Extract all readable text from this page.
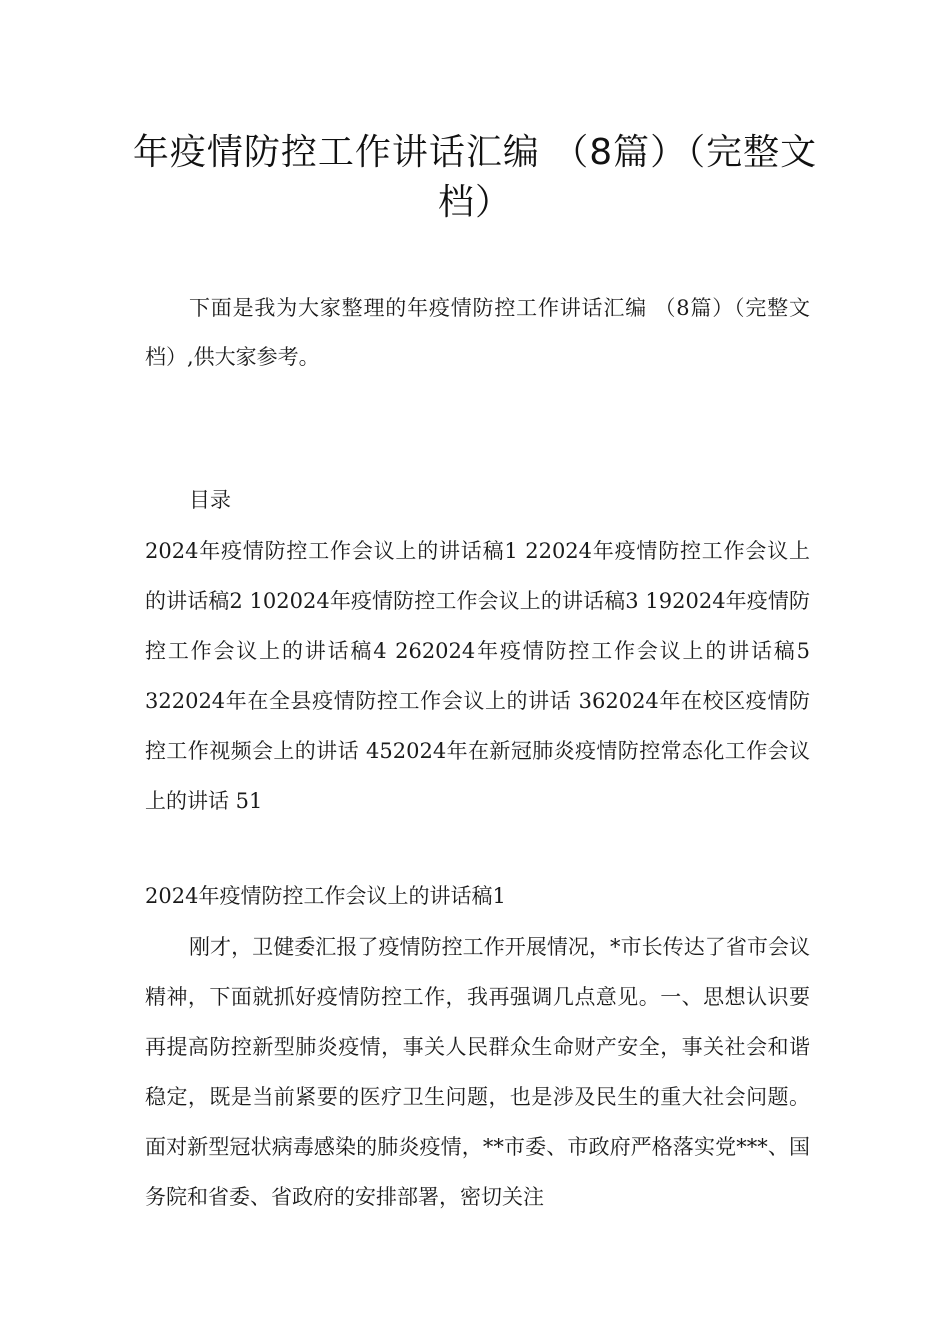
年疫情防控工作讲话汇编 （8篇）（完整文档）
下面是我为大家整理的年疫情防控工作讲话汇编 （8篇）（完整文档）,供大家参考。
目录
2024年疫情防控工作会议上的讲话稿1 22024年疫情防控工作会议上的讲话稿2 102024年疫情防控工作会议上的讲话稿3 192024年疫情防控工作会议上的讲话稿4 262024年疫情防控工作会议上的讲话稿5 322024年在全县疫情防控工作会议上的讲话 362024年在校区疫情防控工作视频会上的讲话 452024年在新冠肺炎疫情防控常态化工作会议上的讲话 51
2024年疫情防控工作会议上的讲话稿1
刚才，卫健委汇报了疫情防控工作开展情况，*市长传达了省市会议精神，下面就抓好疫情防控工作，我再强调几点意见。一、思想认识要再提高防控新型肺炎疫情，事关人民群众生命财产安全，事关社会和谐稳定，既是当前紧要的医疗卫生问题，也是涉及民生的重大社会问题。面对新型冠状病毒感染的肺炎疫情，**市委、市政府严格落实党***、国务院和省委、省政府的安排部署，密切关注
